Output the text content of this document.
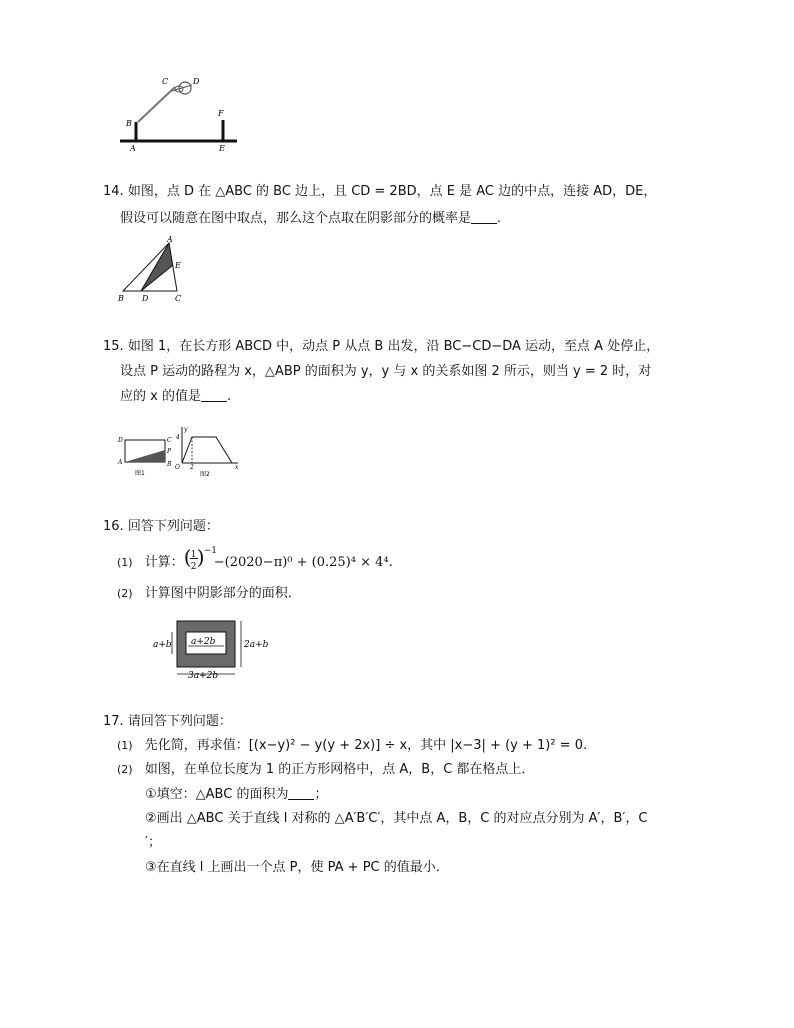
C	D
B
F
A	E
14. 如图，点 D 在 △ABC 的 BC 边上，且 CD = 2BD，点 E 是 AC 边的中点，连接 AD，DE，
假设可以随意在图中取点，那么这个点取在阴影部分的概率是 .
A
E
B D	C
15. 如图 1，在长方形 ABCD 中，动点 P 从点 B 出发，沿 BC−CD−DA 运动，至点 A 处停止，
设点 P 运动的路程为 x，△ABP 的面积为 y，y 与 x 的关系如图 2 所示，则当 y = 2 时，对
应的 x 的值是 .
D	C
A	B
P
图1
y
4
O 2	x
图2
16. 回答下列问题：
(1) 计算： ( 1
2 ) −1
−(2020−π)⁰ + (0.25)⁴ × 4⁴.
(2) 计算图中阴影部分的面积．
a+b a+2b	2a+b
3a+2b
17. 请回答下列问题：
(1) 先化简，再求值：[(x−y)² − y(y + 2x)] ÷ x，其中 |x−3| + (y + 1)² = 0.
(2) 如图，在单位长度为 1 的正方形网格中，点 A，B，C 都在格点上．
①填空：△ABC 的面积为 ；
②画出 △ABC 关于直线 l 对称的 △A′B′C′，其中点 A，B，C 的对应点分别为 A′，B′，C
′；
③在直线 l 上画出一个点 P，使 PA + PC 的值最小．
